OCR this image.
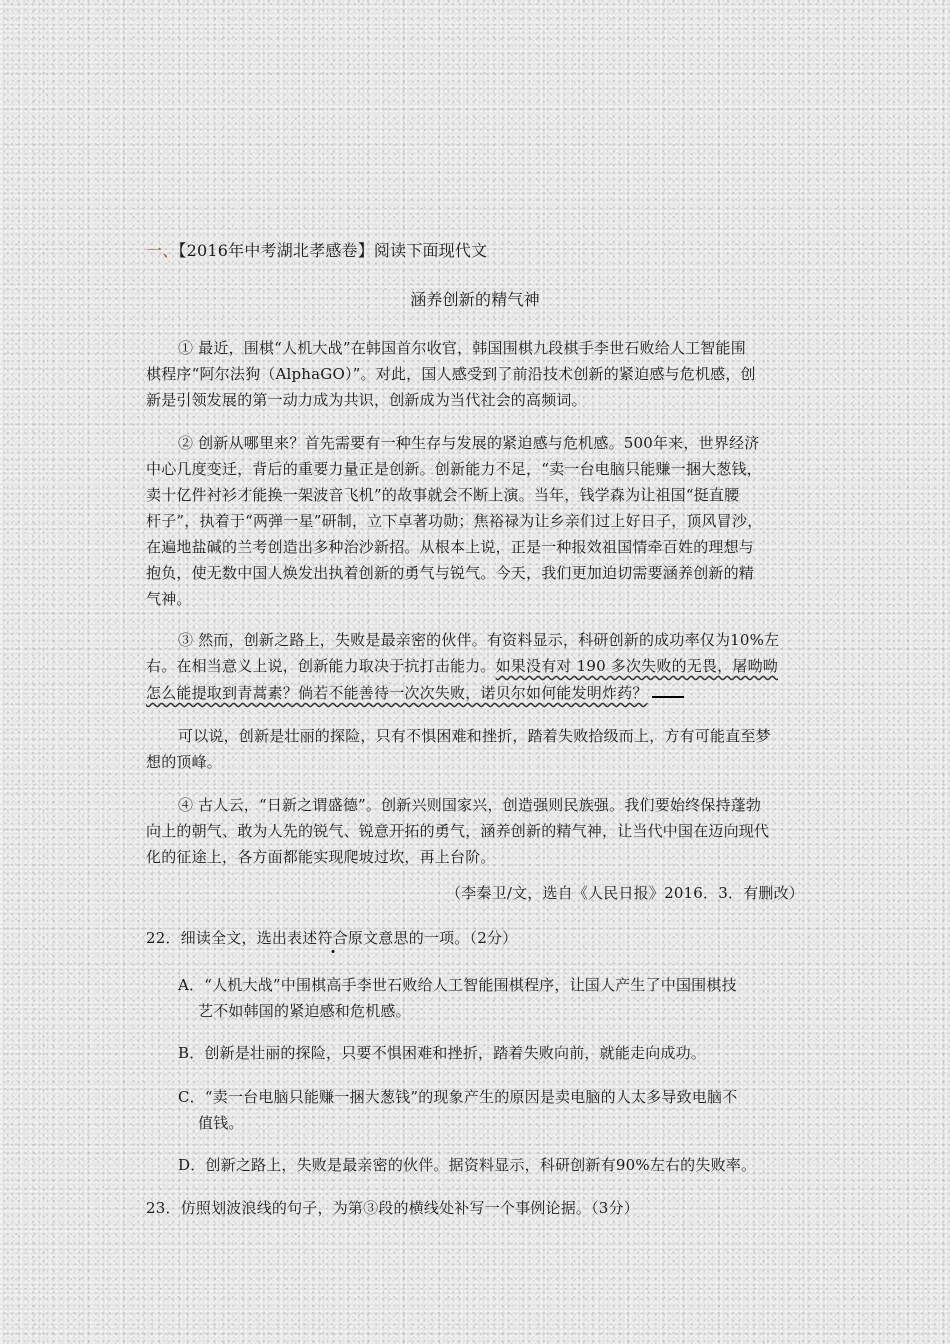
一、【2016年中考湖北孝感卷】阅读下面现代文
涵养创新的精气神
① 最近，围棋“人机大战”在韩国首尔收官，韩国围棋九段棋手李世石败给人工智能围
棋程序“阿尔法狗（AlphaGO）”。对此，国人感受到了前沿技术创新的紧迫感与危机感，创
新是引领发展的第一动力成为共识，创新成为当代社会的高频词。
② 创新从哪里来？首先需要有一种生存与发展的紧迫感与危机感。500年来，世界经济
中心几度变迁，背后的重要力量正是创新。创新能力不足，“卖一台电脑只能赚一捆大葱钱，
卖十亿件衬衫才能换一架波音飞机”的故事就会不断上演。当年，钱学森为让祖国“挺直腰
杆子”，执着于“两弹一星”研制，立下卓著功勋；焦裕禄为让乡亲们过上好日子，顶风冒沙，
在遍地盐碱的兰考创造出多种治沙新招。从根本上说，正是一种报效祖国情牵百姓的理想与
抱负，使无数中国人焕发出执着创新的勇气与锐气。今天，我们更加迫切需要涵养创新的精
气神。
③ 然而，创新之路上，失败是最亲密的伙伴。有资料显示，科研创新的成功率仅为10%左
右。在相当意义上说，创新能力取决于抗打击能力。如果没有对 190 多次失败的无畏，屠呦呦
怎么能提取到青蒿素？倘若不能善待一次次失败，诺贝尔如何能发明炸药？
可以说，创新是壮丽的探险，只有不惧困难和挫折，踏着失败拾级而上，方有可能直至梦
想的顶峰。
④ 古人云，“日新之谓盛德”。创新兴则国家兴，创造强则民族强。我们要始终保持蓬勃
向上的朝气、敢为人先的锐气、锐意开拓的勇气，涵养创新的精气神，让当代中国在迈向现代
化的征途上，各方面都能实现爬坡过坎，再上台阶。
（李秦卫/文，选自《人民日报》2016．3．有删改）
22．细读全文，选出表述符合原文意思的一项。（2分）
A．“人机大战”中围棋高手李世石败给人工智能围棋程序，让国人产生了中国围棋技
艺不如韩国的紧迫感和危机感。
B．创新是壮丽的探险，只要不惧困难和挫折，踏着失败向前，就能走向成功。
C．“卖一台电脑只能赚一捆大葱钱”的现象产生的原因是卖电脑的人太多导致电脑不
值钱。
D．创新之路上，失败是最亲密的伙伴。据资料显示，科研创新有90%左右的失败率。
23．仿照划波浪线的句子，为第③段的横线处补写一个事例论据。（3分）
